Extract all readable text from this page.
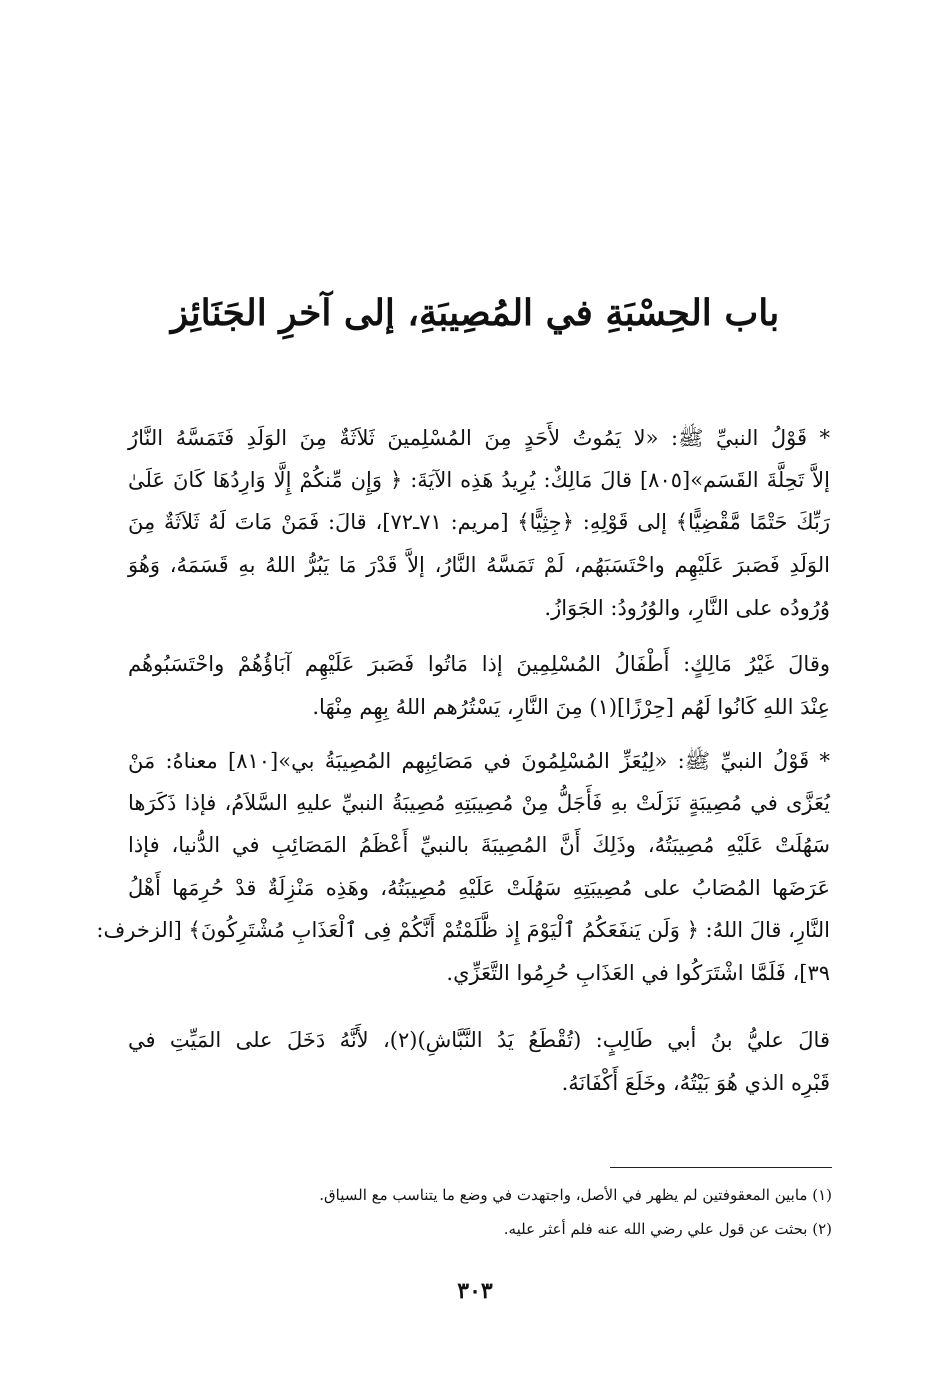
باب الحِسْبَةِ في المُصِيبَةِ، إلى آخرِ الجَنَائِز
* قَوْلُ النبيِّ ﷺ: «لا يَمُوتُ لأَحَدٍ مِنَ المُسْلِمينَ ثَلاَثَةٌ مِنَ الوَلَدِ فَتَمَسَّهُ النَّارُ
إلاَّ تَحِلَّةَ القَسَم»[٨٠٥] قالَ مَالِكٌ: يُرِيدُ هَذِه الآيَةَ: ﴿ وَإِن مِّنكُمْ إِلَّا وَارِدُهَا كَانَ عَلَىٰ
رَبِّكَ حَتْمًا مَّقْضِيًّا﴾ إلى قَوْلِهِ: ﴿جِثِيًّا﴾ [مريم: ٧١ـ٧٢]، قالَ: فَمَنْ مَاتَ لَهُ ثَلاَثَةٌ مِنَ
الوَلَدِ فَصَبرَ عَلَيْهِم واحْتَسَبَهُم، لَمْ تَمَسَّهُ النَّارُ، إلاَّ قَدْرَ مَا يَبُرُّ اللهُ بهِ قَسَمَهُ، وَهُوَ
وُرُودُه على النَّارِ، والوُرُودُ: الجَوَازُ.
وقالَ غَيْرُ مَالِكٍ: أَطْفَالُ المُسْلِمِينَ إذا مَاتُوا فَصَبرَ عَلَيْهِم آبَاؤُهُمْ واحْتَسَبُوهُم
عِنْدَ اللهِ كَانُوا لَهُم [حِرْزًا](١) مِنَ النَّارِ، يَسْتُرُهم اللهُ بِهِم مِنْهَا.
* قَوْلُ النبيِّ ﷺ: «لِيُعَزِّ المُسْلِمُونَ في مَصَائِبِهم المُصِيبَةُ بي»[٨١٠] معناهُ: مَنْ
يُعَزَّى في مُصِيبَةٍ نَزَلَتْ بهِ فَأَجَلُّ مِنْ مُصِيبَتِهِ مُصِيبَةُ النبيِّ عليهِ السَّلاَمُ، فإذا ذَكَرَها
سَهُلَتْ عَلَيْهِ مُصِيبَتُهُ، وذَلِكَ أَنَّ المُصِيبَةَ بالنبيِّ أَعْظَمُ المَصَائِبِ في الدُّنيا، فإذا
عَرَضَها المُصَابُ على مُصِيبَتِهِ سَهُلَتْ عَلَيْهِ مُصِيبَتُهُ، وهَذِه مَنْزِلَةٌ قدْ حُرِمَها أَهْلُ
النَّارِ، قالَ اللهُ: ﴿ وَلَن يَنفَعَكُمُ ٱلْيَوْمَ إِذ ظَّلَمْتُمْ أَنَّكُمْ فِى ٱلْعَذَابِ مُشْتَرِكُونَ﴾ [الزخرف:
٣٩]، فَلَمَّا اشْتَرَكُوا في العَذَابِ حُرِمُوا التَّعَزِّي.
قالَ عليُّ بنُ أبي طَالِبٍ: (تُقْطَعُ يَدُ النَّبَّاشِ)(٢)، لأَنَّهُ دَخَلَ على المَيِّتِ في
قَبْرِه الذي هُوَ بَيْتُهُ، وخَلَعَ أَكْفَانَهُ.
(١) مابين المعقوفتين لم يظهر في الأصل، واجتهدت في وضع ما يتناسب مع السياق.
(٢) بحثت عن قول علي رضي الله عنه فلم أعثر عليه.
٣٠٣
